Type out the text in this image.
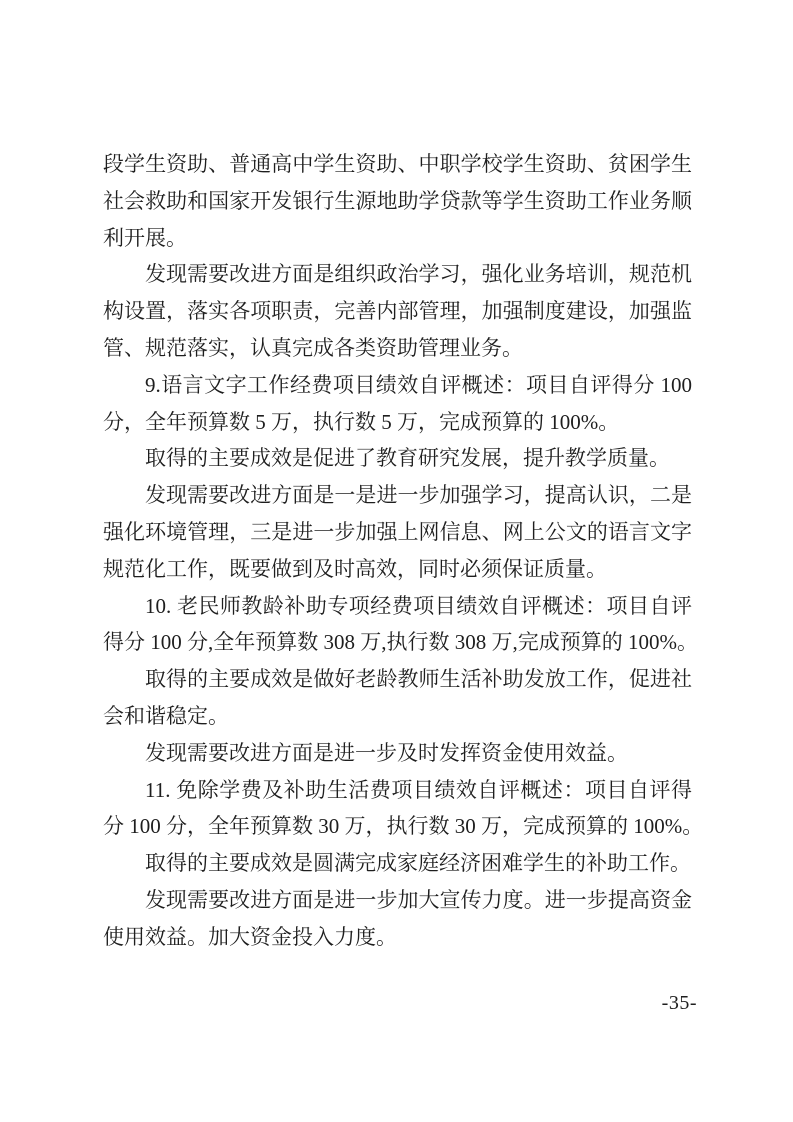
段学生资助、普通高中学生资助、中职学校学生资助、贫困学生
社会救助和国家开发银行生源地助学贷款等学生资助工作业务顺
利开展。
发现需要改进方面是组织政治学习，强化业务培训，规范机
构设置，落实各项职责，完善内部管理，加强制度建设，加强监
管、规范落实，认真完成各类资助管理业务。
9.语言文字工作经费项目绩效自评概述：项目自评得分 100
分，全年预算数 5 万，执行数 5 万，完成预算的 100%。
取得的主要成效是促进了教育研究发展，提升教学质量。
发现需要改进方面是一是进一步加强学习，提高认识，二是
强化环境管理，三是进一步加强上网信息、网上公文的语言文字
规范化工作，既要做到及时高效，同时必须保证质量。
10. 老民师教龄补助专项经费项目绩效自评概述：项目自评
得分 100 分,全年预算数 308 万,执行数 308 万,完成预算的 100%。
取得的主要成效是做好老龄教师生活补助发放工作，促进社
会和谐稳定。
发现需要改进方面是进一步及时发挥资金使用效益。
11. 免除学费及补助生活费项目绩效自评概述：项目自评得
分 100 分，全年预算数 30 万，执行数 30 万，完成预算的 100%。
取得的主要成效是圆满完成家庭经济困难学生的补助工作。
发现需要改进方面是进一步加大宣传力度。进一步提高资金
使用效益。加大资金投入力度。
-35-
